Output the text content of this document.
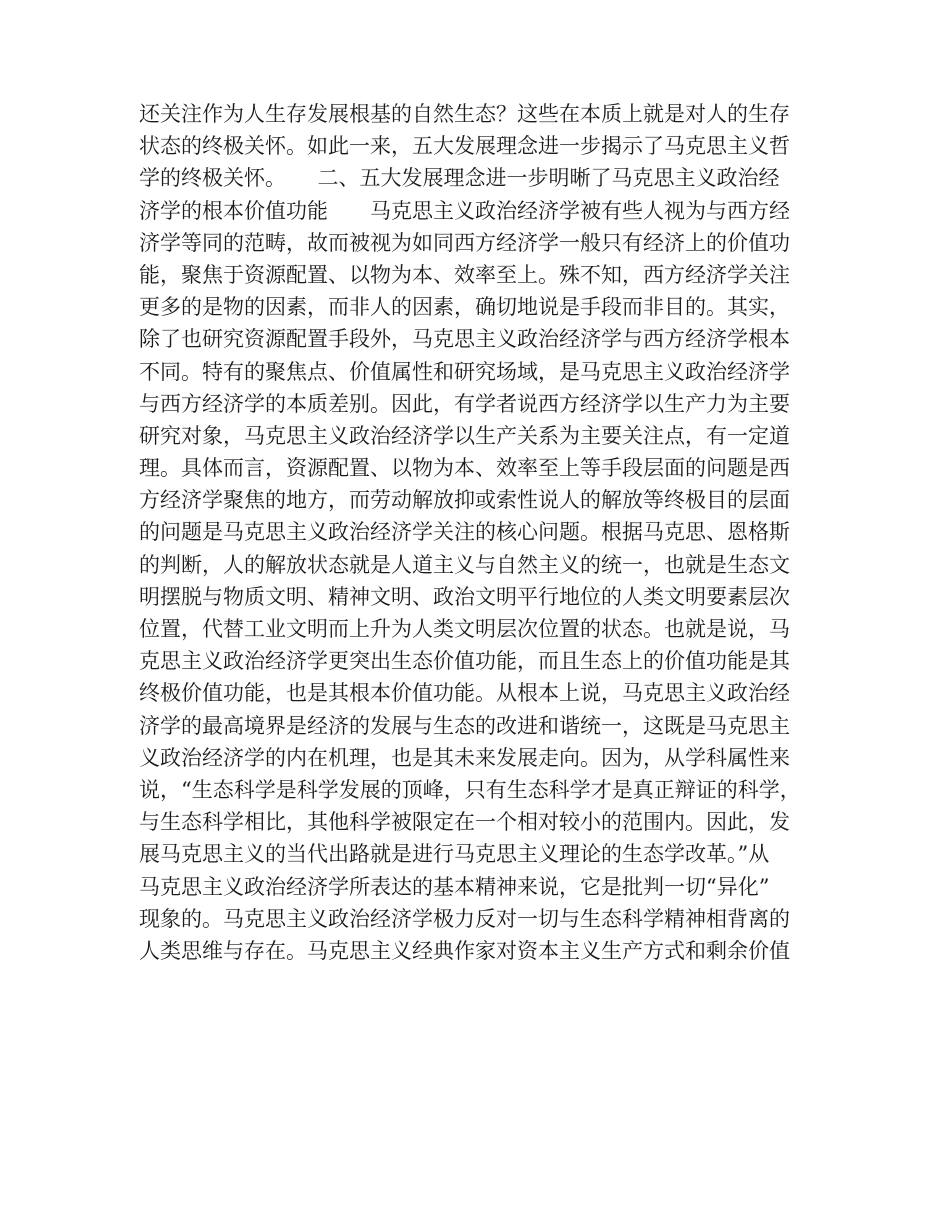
还关注作为人生存发展根基的自然生态？这些在本质上就是对人的生存
状态的终极关怀。如此一来，五大发展理念进一步揭示了马克思主义哲
学的终极关怀。　　二、五大发展理念进一步明晰了马克思主义政治经
济学的根本价值功能　　马克思主义政治经济学被有些人视为与西方经
济学等同的范畴，故而被视为如同西方经济学一般只有经济上的价值功
能，聚焦于资源配置、以物为本、效率至上。殊不知，西方经济学关注
更多的是物的因素，而非人的因素，确切地说是手段而非目的。其实，
除了也研究资源配置手段外，马克思主义政治经济学与西方经济学根本
不同。特有的聚焦点、价值属性和研究场域，是马克思主义政治经济学
与西方经济学的本质差别。因此，有学者说西方经济学以生产力为主要
研究对象，马克思主义政治经济学以生产关系为主要关注点，有一定道
理。具体而言，资源配置、以物为本、效率至上等手段层面的问题是西
方经济学聚焦的地方，而劳动解放抑或索性说人的解放等终极目的层面
的问题是马克思主义政治经济学关注的核心问题。根据马克思、恩格斯
的判断，人的解放状态就是人道主义与自然主义的统一，也就是生态文
明摆脱与物质文明、精神文明、政治文明平行地位的人类文明要素层次
位置，代替工业文明而上升为人类文明层次位置的状态。也就是说，马
克思主义政治经济学更突出生态价值功能，而且生态上的价值功能是其
终极价值功能，也是其根本价值功能。从根本上说，马克思主义政治经
济学的最高境界是经济的发展与生态的改进和谐统一，这既是马克思主
义政治经济学的内在机理，也是其未来发展走向。因为，从学科属性来
说，“生态科学是科学发展的顶峰，只有生态科学才是真正辩证的科学，
与生态科学相比，其他科学被限定在一个相对较小的范围内。因此，发
展马克思主义的当代出路就是进行马克思主义理论的生态学改革。”从
马克思主义政治经济学所表达的基本精神来说，它是批判一切“异化”
现象的。马克思主义政治经济学极力反对一切与生态科学精神相背离的
人类思维与存在。马克思主义经典作家对资本主义生产方式和剩余价值
